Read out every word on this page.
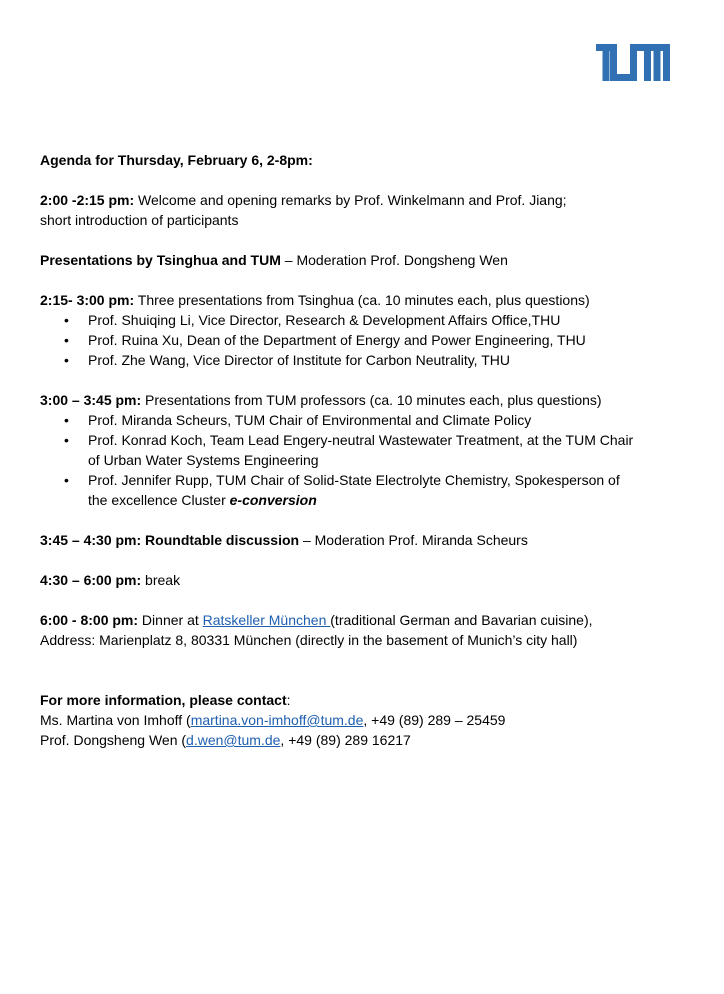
Agenda for Thursday, February 6, 2-8pm:

2:00 -2:15 pm: Welcome and opening remarks by Prof. Winkelmann and Prof. Jiang;
short introduction of participants

Presentations by Tsinghua and TUM – Moderation Prof. Dongsheng Wen

2:15- 3:00 pm: Three presentations from Tsinghua (ca. 10 minutes each, plus questions)

• Prof. Shuiqing Li, Vice Director, Research & Development Affairs Office,THU
• Prof. Ruina Xu, Dean of the Department of Energy and Power Engineering, THU
• Prof. Zhe Wang, Vice Director of Institute for Carbon Neutrality, THU

3:00 – 3:45 pm: Presentations from TUM professors (ca. 10 minutes each, plus questions)

• Prof. Miranda Scheurs, TUM Chair of Environmental and Climate Policy
• Prof. Konrad Koch, Team Lead Engery-neutral Wastewater Treatment, at the TUM Chair
of Urban Water Systems Engineering
• Prof. Jennifer Rupp, TUM Chair of Solid-State Electrolyte Chemistry, Spokesperson of
the excellence Cluster e-conversion

3:45 – 4:30 pm: Roundtable discussion – Moderation Prof. Miranda Scheurs

4:30 – 6:00 pm: break

6:00 - 8:00 pm: Dinner at Ratskeller München (traditional German and Bavarian cuisine),
Address: Marienplatz 8, 80331 München (directly in the basement of Munich’s city hall)

For more information, please contact:

Ms. Martina von Imhoff (martina.von-imhoff@tum.de, +49 (89) 289 – 25459

Prof. Dongsheng Wen (d.wen@tum.de, +49 (89) 289 16217
